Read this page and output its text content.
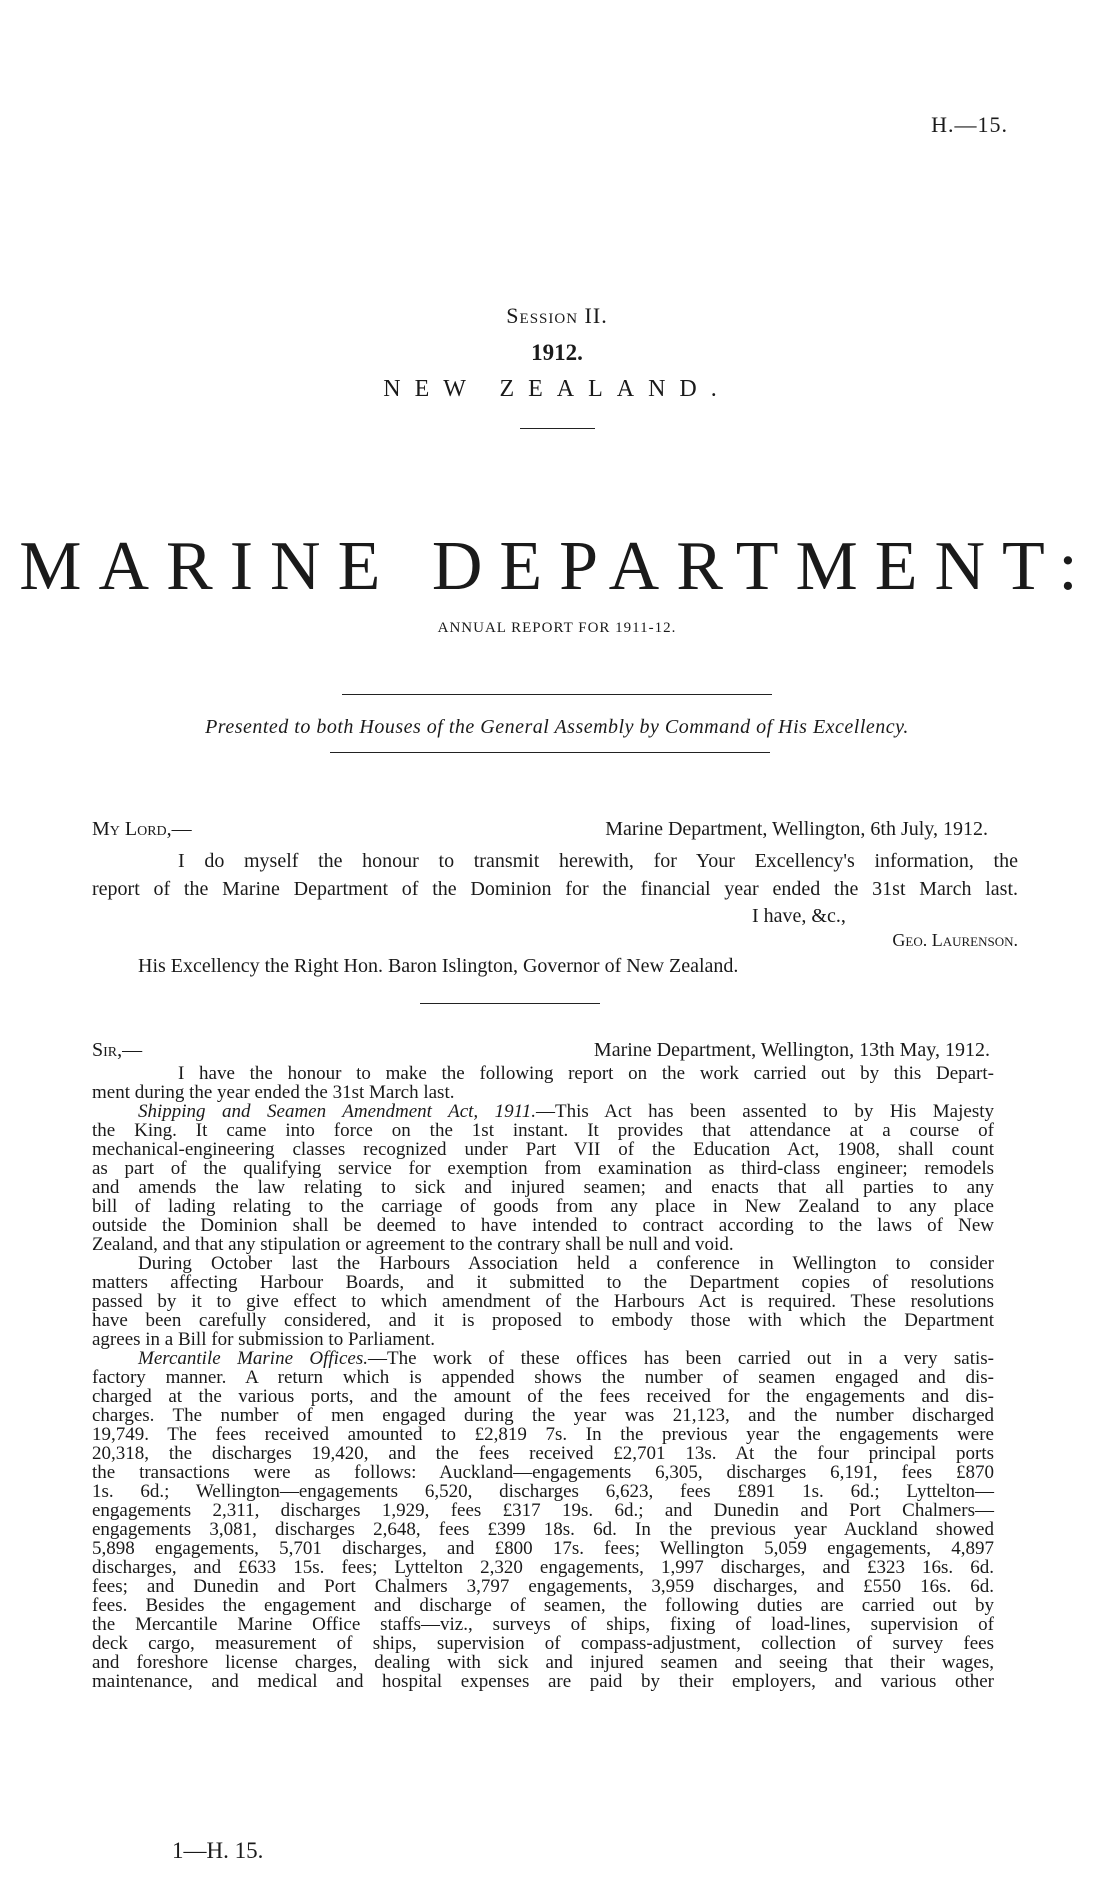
H.—15.
Session II.
1912.
NEW ZEALAND.
MARINE DEPARTMENT:
ANNUAL REPORT FOR 1911-12.
Presented to both Houses of the General Assembly by Command of His Excellency.
My Lord,—	Marine Department, Wellington, 6th July, 1912.
I do myself the honour to transmit herewith, for Your Excellency's information, the
report of the Marine Department of the Dominion for the financial year ended the 31st March last.
I have, &c.,
Geo. Laurenson.
His Excellency the Right Hon. Baron Islington, Governor of New Zealand.
Sir,—	Marine Department, Wellington, 13th May, 1912.
I have the honour to make the following report on the work carried out by this Depart-
ment during the year ended the 31st March last.
Shipping and Seamen Amendment Act, 1911.—This Act has been assented to by His Majesty
the King. It came into force on the 1st instant. It provides that attendance at a course of
mechanical-engineering classes recognized under Part VII of the Education Act, 1908, shall count
as part of the qualifying service for exemption from examination as third-class engineer; remodels
and amends the law relating to sick and injured seamen; and enacts that all parties to any
bill of lading relating to the carriage of goods from any place in New Zealand to any place
outside the Dominion shall be deemed to have intended to contract according to the laws of New
Zealand, and that any stipulation or agreement to the contrary shall be null and void.
During October last the Harbours Association held a conference in Wellington to consider
matters affecting Harbour Boards, and it submitted to the Department copies of resolutions
passed by it to give effect to which amendment of the Harbours Act is required. These resolutions
have been carefully considered, and it is proposed to embody those with which the Department
agrees in a Bill for submission to Parliament.
Mercantile Marine Offices.—The work of these offices has been carried out in a very satis-
factory manner. A return which is appended shows the number of seamen engaged and dis-
charged at the various ports, and the amount of the fees received for the engagements and dis-
charges. The number of men engaged during the year was 21,123, and the number discharged
19,749. The fees received amounted to £2,819 7s. In the previous year the engagements were
20,318, the discharges 19,420, and the fees received £2,701 13s. At the four principal ports
the transactions were as follows: Auckland—engagements 6,305, discharges 6,191, fees £870
1s. 6d.; Wellington—engagements 6,520, discharges 6,623, fees £891 1s. 6d.; Lyttelton—
engagements 2,311, discharges 1,929, fees £317 19s. 6d.; and Dunedin and Port Chalmers—
engagements 3,081, discharges 2,648, fees £399 18s. 6d. In the previous year Auckland showed
5,898 engagements, 5,701 discharges, and £800 17s. fees; Wellington 5,059 engagements, 4,897
discharges, and £633 15s. fees; Lyttelton 2,320 engagements, 1,997 discharges, and £323 16s. 6d.
fees; and Dunedin and Port Chalmers 3,797 engagements, 3,959 discharges, and £550 16s. 6d.
fees. Besides the engagement and discharge of seamen, the following duties are carried out by
the Mercantile Marine Office staffs—viz., surveys of ships, fixing of load-lines, supervision of
deck cargo, measurement of ships, supervision of compass-adjustment, collection of survey fees
and foreshore license charges, dealing with sick and injured seamen and seeing that their wages,
maintenance, and medical and hospital expenses are paid by their employers, and various other
1—H. 15.
